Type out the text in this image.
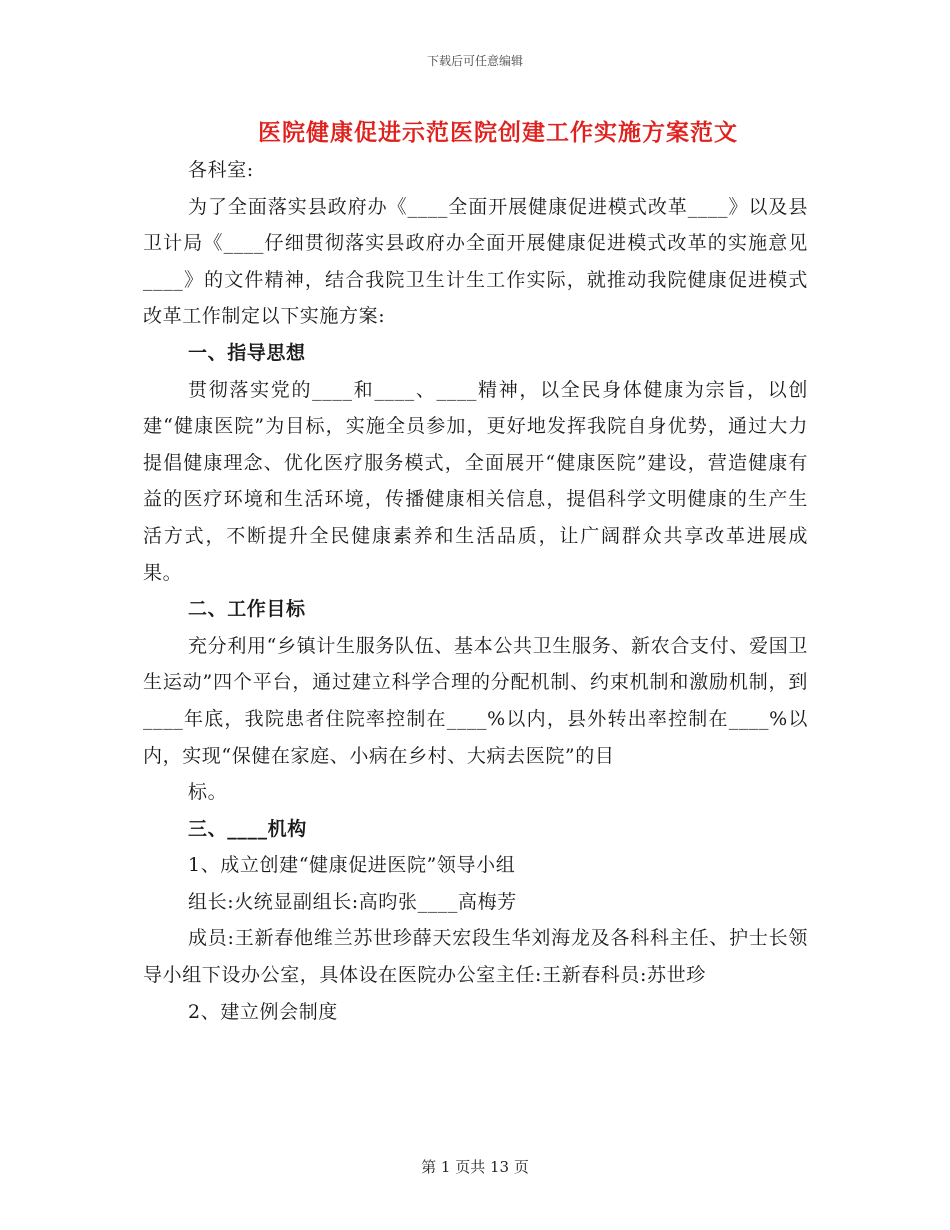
下载后可任意编辑
医院健康促进示范医院创建工作实施方案范文

各科室:

为了全面落实县政府办《____全面开展健康促进模式改革____》以及县卫计局《____仔细贯彻落实县政府办全面开展健康促进模式改革的实施意见____》的文件精神，结合我院卫生计生工作实际，就推动我院健康促进模式改革工作制定以下实施方案:

一、指导思想

贯彻落实党的____和____、____精神，以全民身体健康为宗旨，以创建“健康医院”为目标，实施全员参加，更好地发挥我院自身优势，通过大力提倡健康理念、优化医疗服务模式，全面展开“健康医院”建设，营造健康有益的医疗环境和生活环境，传播健康相关信息，提倡科学文明健康的生产生活方式，不断提升全民健康素养和生活品质，让广阔群众共享改革进展成果。

二、工作目标

充分利用“乡镇计生服务队伍、基本公共卫生服务、新农合支付、爱国卫生运动”四个平台，通过建立科学合理的分配机制、约束机制和激励机制，到____年底，我院患者住院率控制在____%以内，县外转出率控制在____%以内，实现“保健在家庭、小病在乡村、大病去医院”的目

标。

三、____机构

1、成立创建“健康促进医院”领导小组

组长:火统显副组长:高昀张____高梅芳

成员:王新春他维兰苏世珍薛天宏段生华刘海龙及各科科主任、护士长领导小组下设办公室，具体设在医院办公室主任:王新春科员:苏世珍

2、建立例会制度

第 1 页共 13 页
